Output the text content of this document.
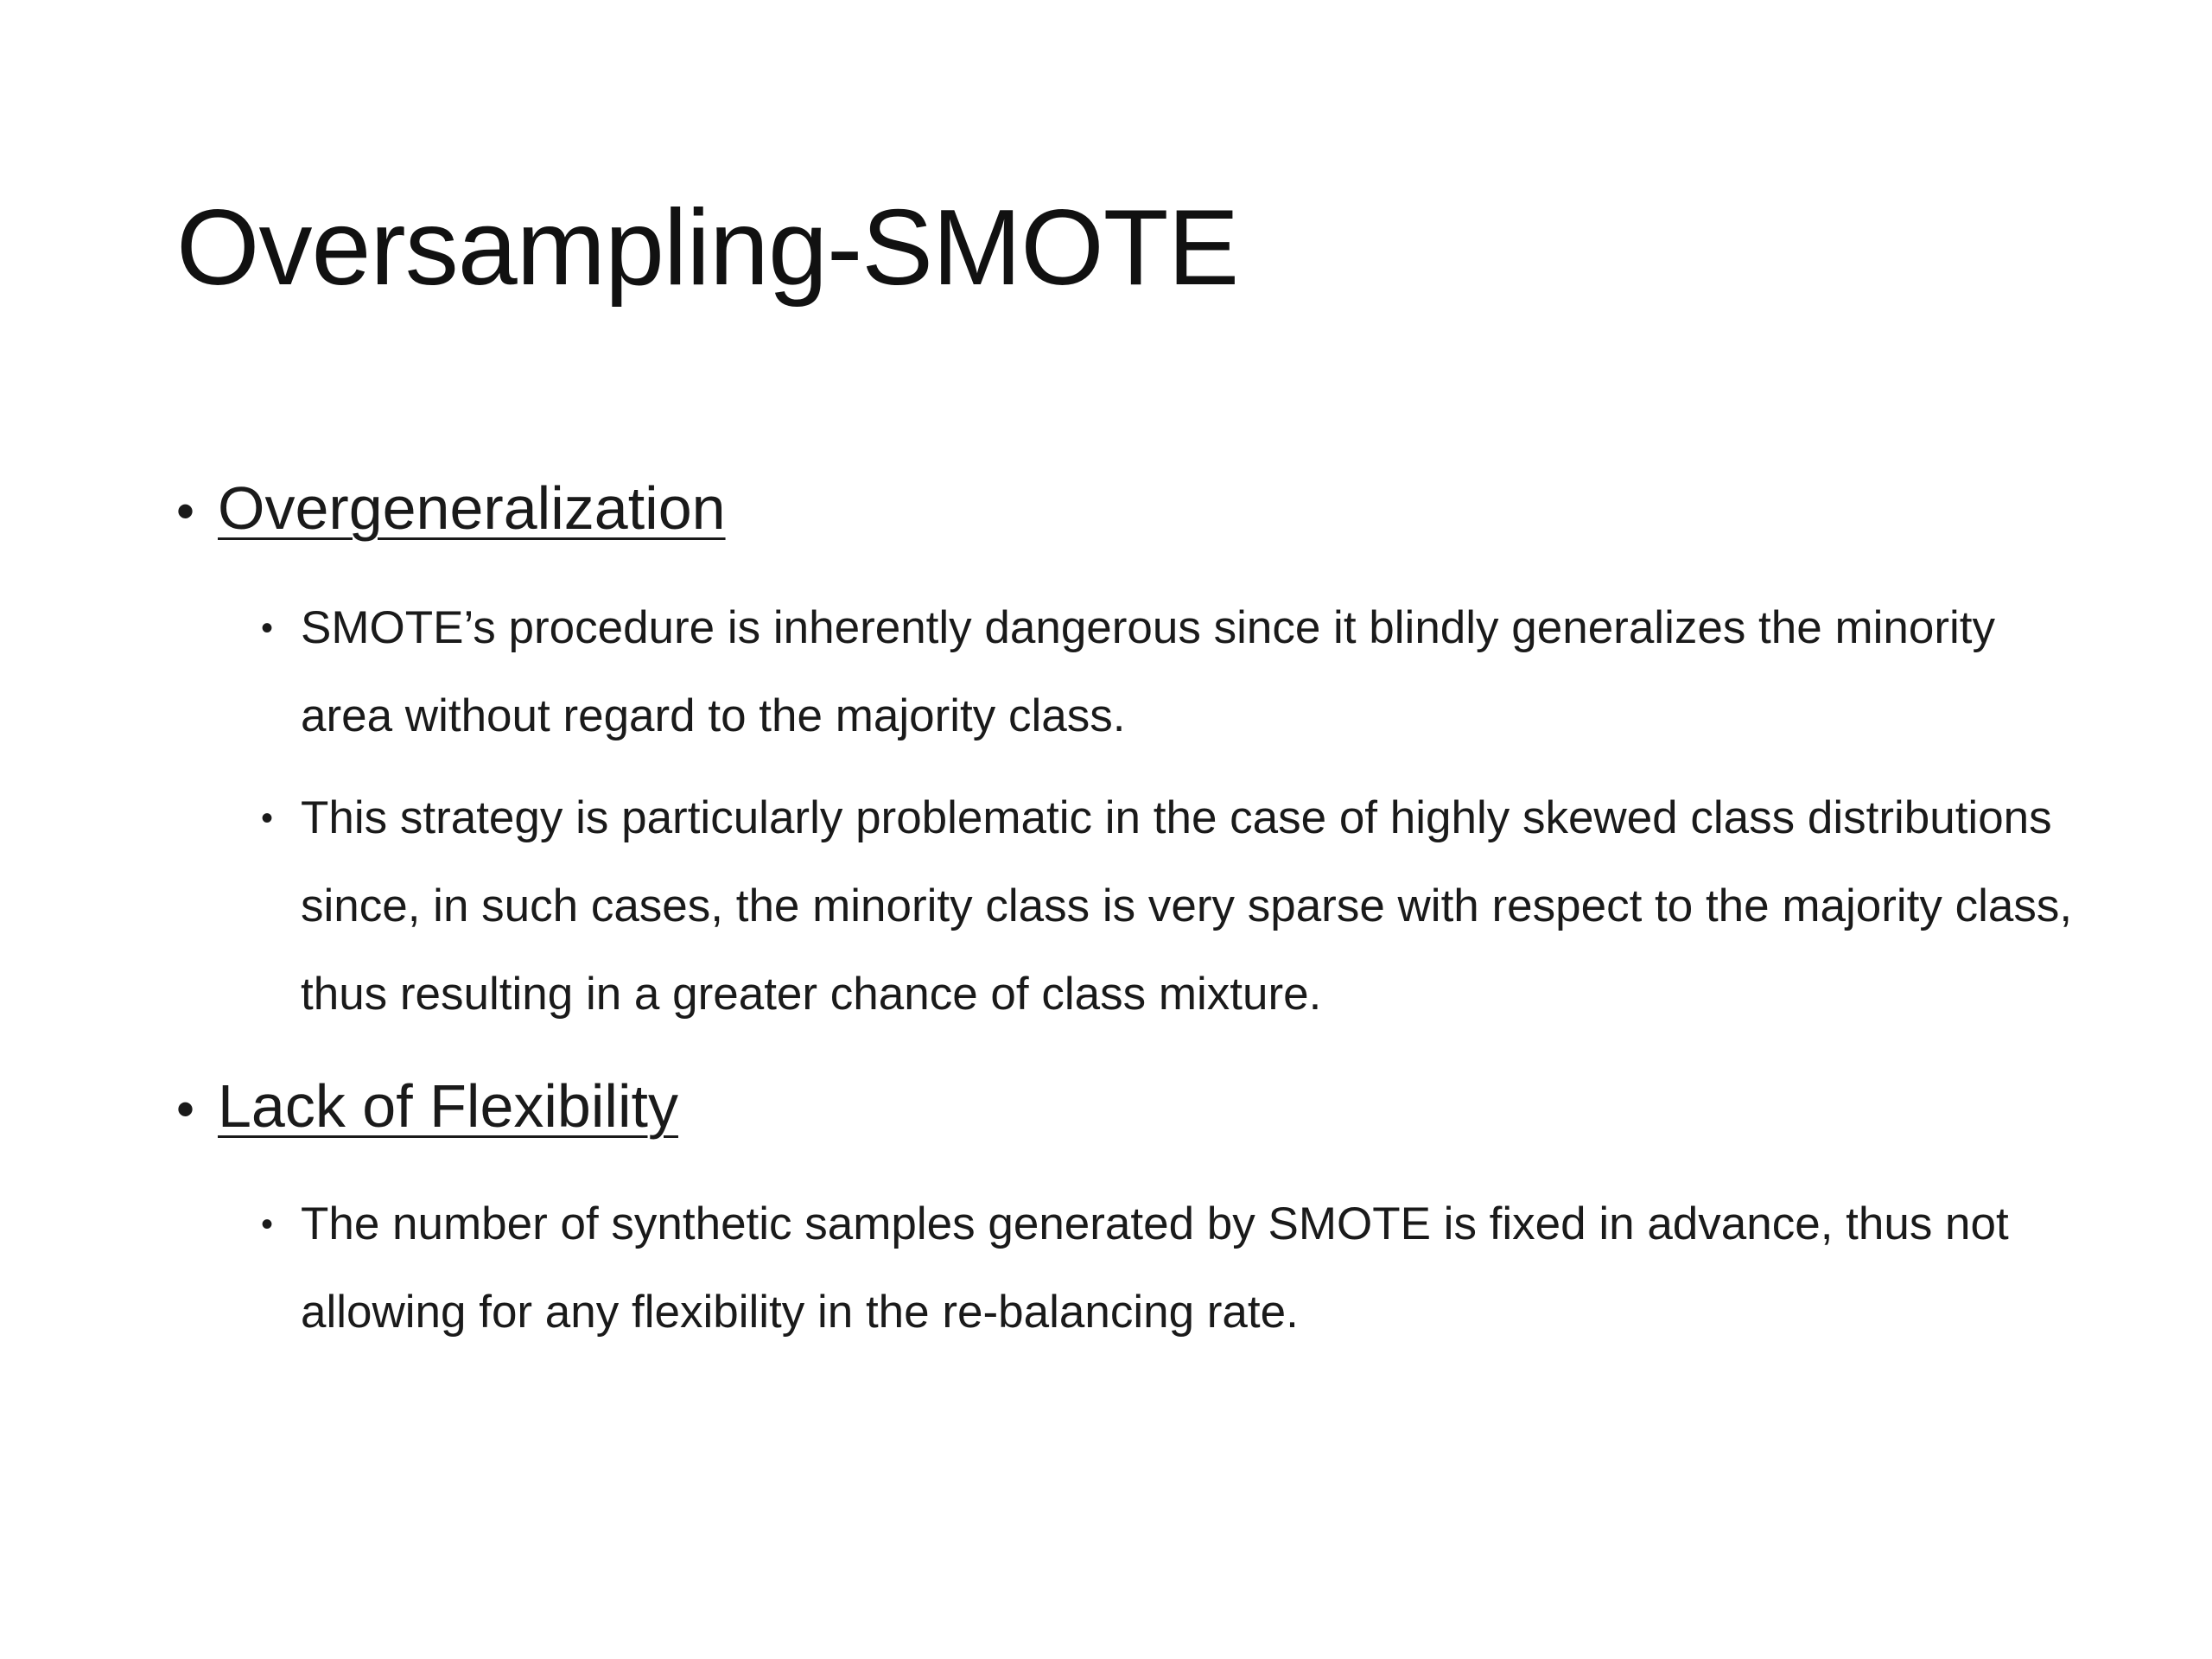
Oversampling-SMOTE
• Overgeneralization
• SMOTE’s procedure is inherently dangerous since it blindly generalizes the minority area without regard to the majority class.
• This strategy is particularly problematic in the case of highly skewed class distributions since, in such cases, the minority class is very sparse with respect to the majority class, thus resulting in a greater chance of class mixture.
• Lack of Flexibility
• The number of synthetic samples generated by SMOTE is fixed in advance, thus not allowing for any flexibility in the re-balancing rate.
